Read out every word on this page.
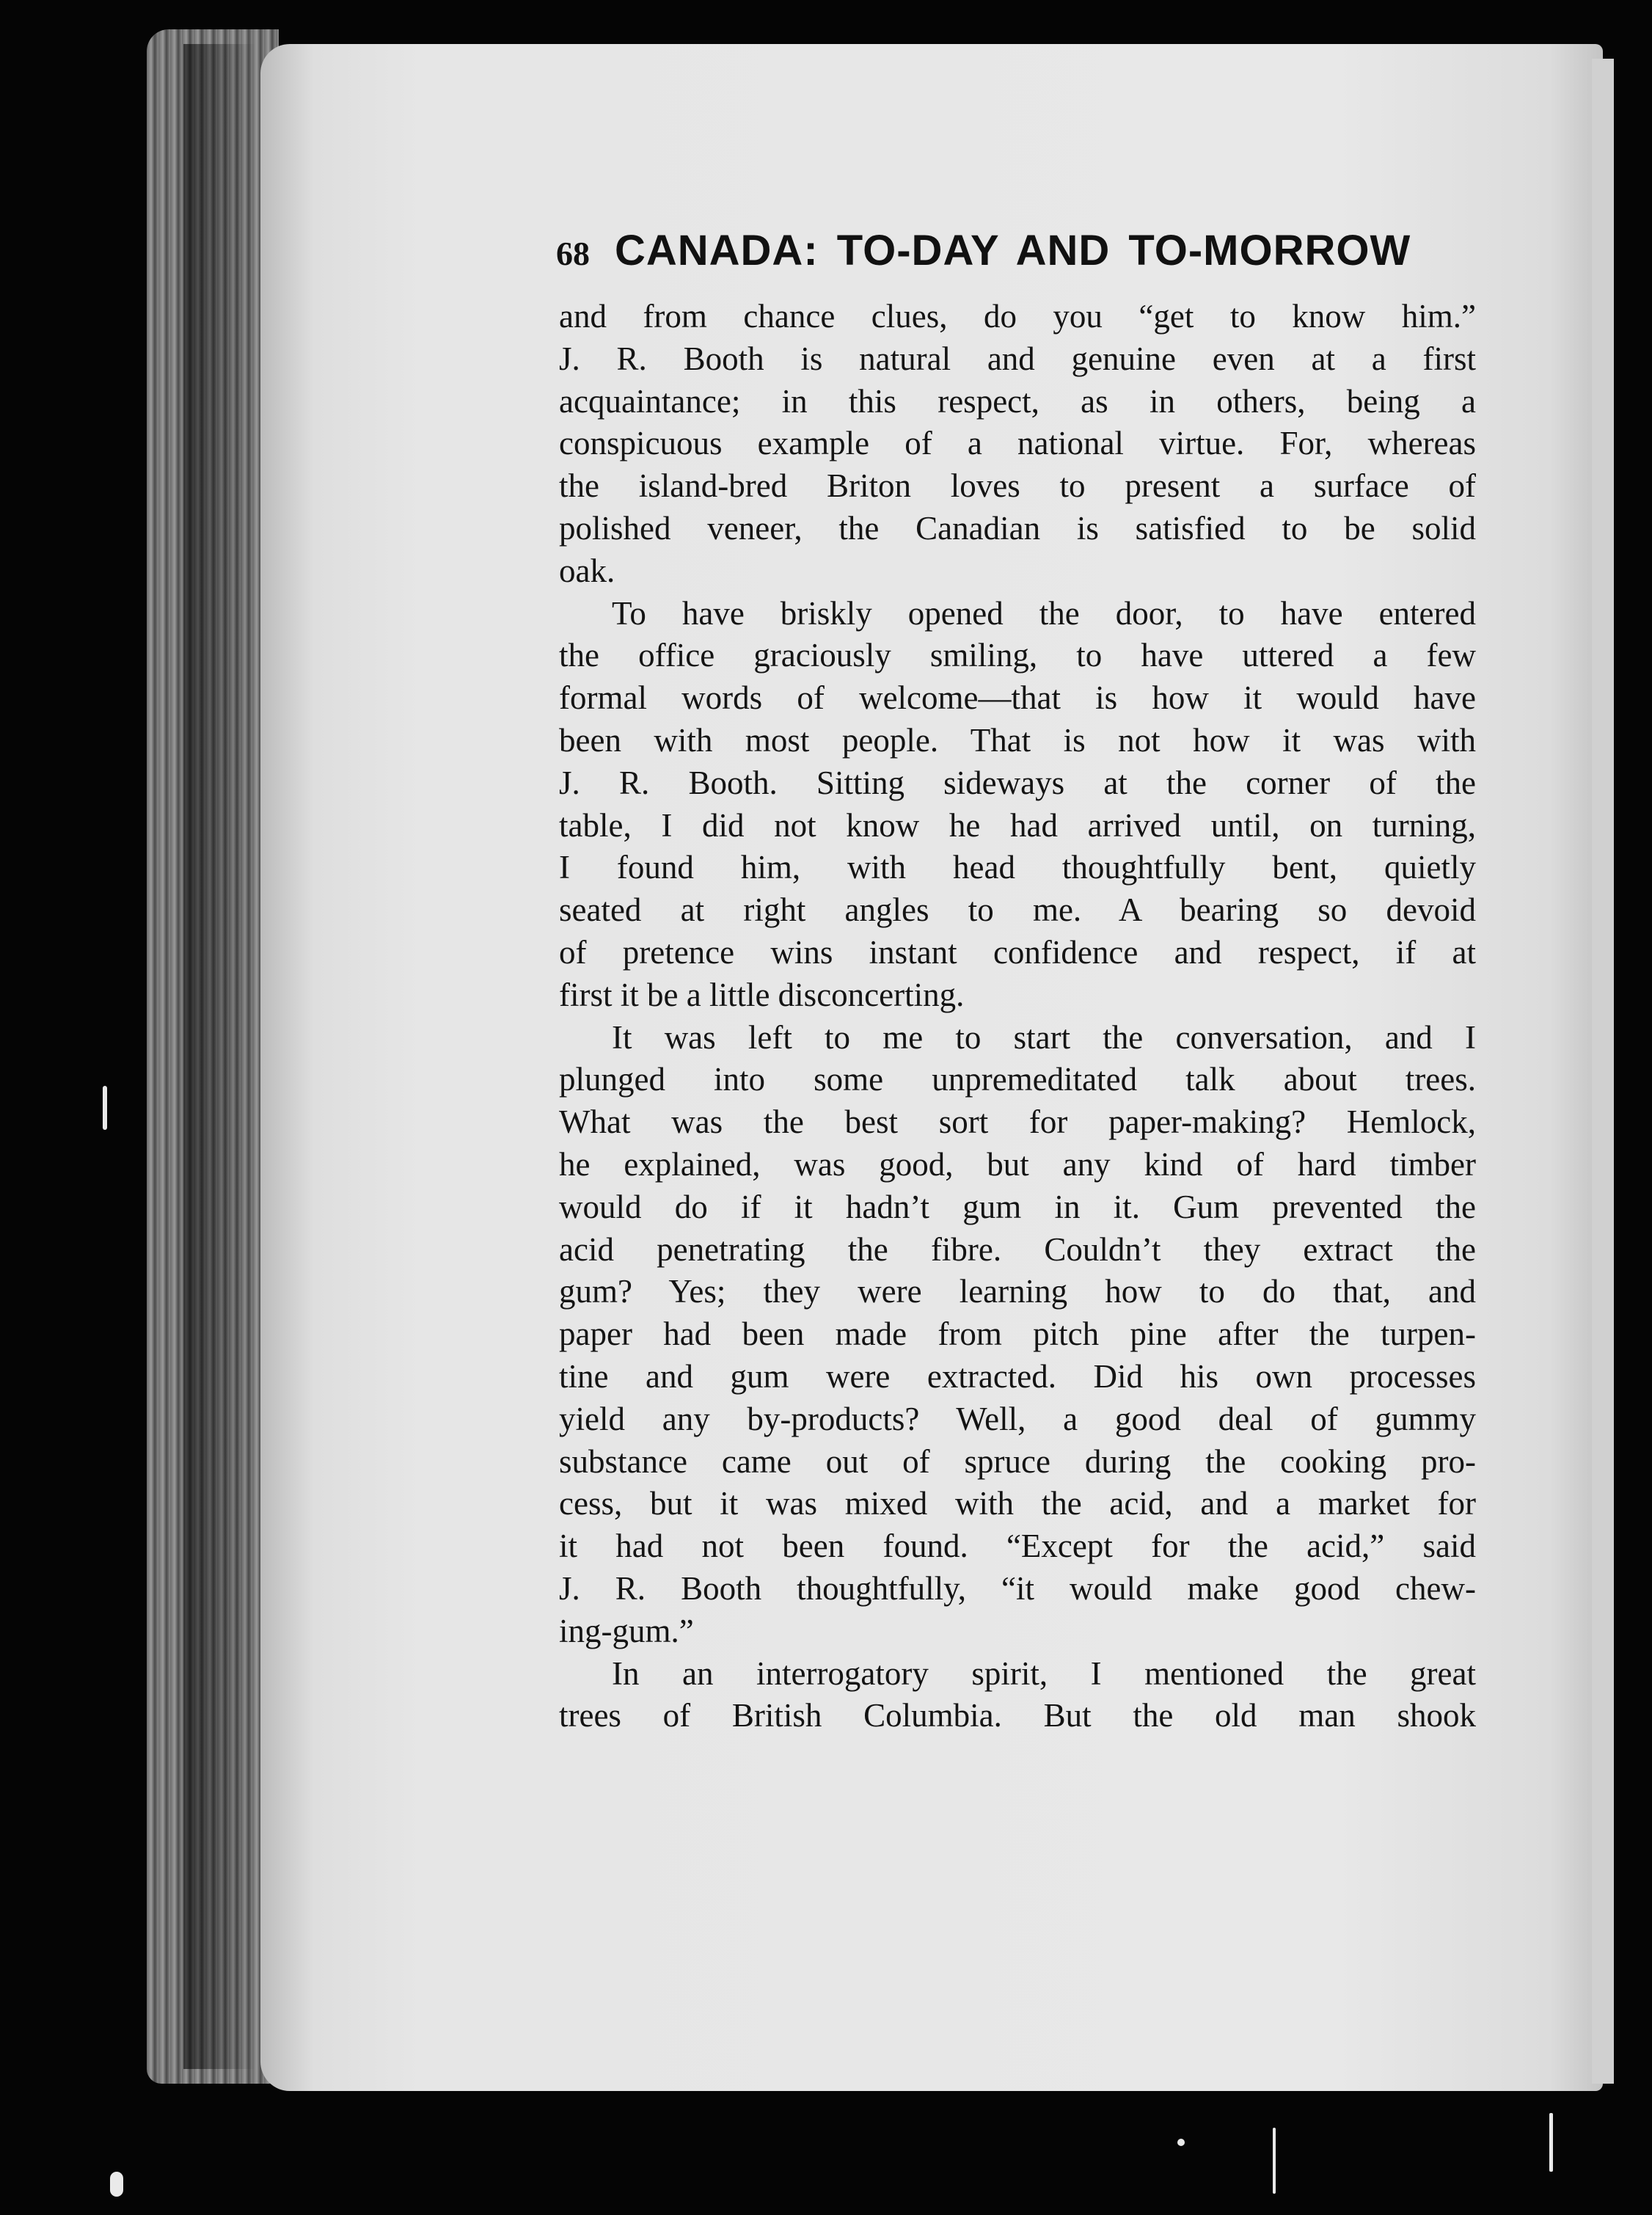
68 CANADA: TO-DAY AND TO-MORROW
and from chance clues, do you “get to know him.”
J. R. Booth is natural and genuine even at a first
acquaintance; in this respect, as in others, being a
conspicuous example of a national virtue. For, whereas
the island-bred Briton loves to present a surface of
polished veneer, the Canadian is satisfied to be solid
oak.
To have briskly opened the door, to have entered
the office graciously smiling, to have uttered a few
formal words of welcome—that is how it would have
been with most people. That is not how it was with
J. R. Booth. Sitting sideways at the corner of the
table, I did not know he had arrived until, on turning,
I found him, with head thoughtfully bent, quietly
seated at right angles to me. A bearing so devoid
of pretence wins instant confidence and respect, if at
first it be a little disconcerting.
It was left to me to start the conversation, and I
plunged into some unpremeditated talk about trees.
What was the best sort for paper-making? Hemlock,
he explained, was good, but any kind of hard timber
would do if it hadn’t gum in it. Gum prevented the
acid penetrating the fibre. Couldn’t they extract the
gum? Yes; they were learning how to do that, and
paper had been made from pitch pine after the turpen-
tine and gum were extracted. Did his own processes
yield any by-products? Well, a good deal of gummy
substance came out of spruce during the cooking pro-
cess, but it was mixed with the acid, and a market for
it had not been found. “Except for the acid,” said
J. R. Booth thoughtfully, “it would make good chew-
ing-gum.”
In an interrogatory spirit, I mentioned the great
trees of British Columbia. But the old man shook
